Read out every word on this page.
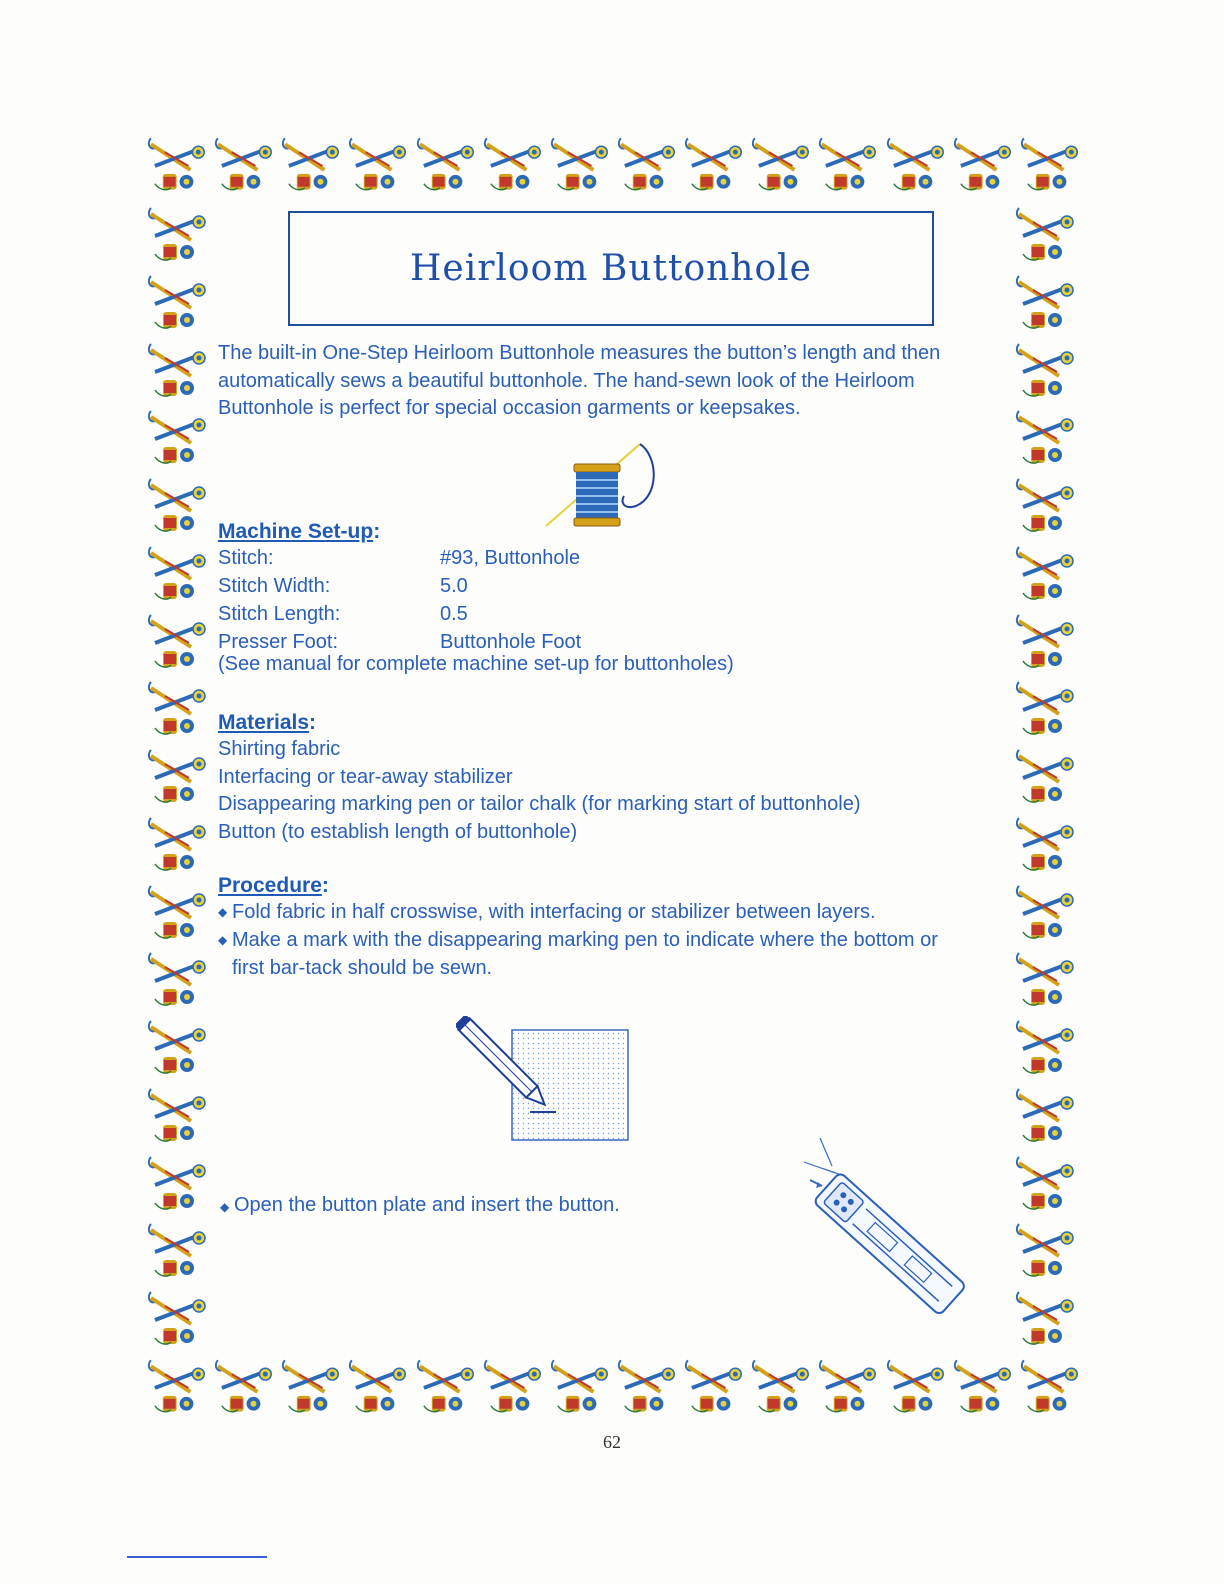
Heirloom Buttonhole
The built-in One-Step Heirloom Buttonhole measures the button’s length and then automatically sews a beautiful buttonhole. The hand-sewn look of the Heirloom Buttonhole is perfect for special occasion garments or keepsakes.
Machine Set-up:
Stitch:	#93, Buttonhole
Stitch Width:	5.0
Stitch Length:	0.5
Presser Foot:	Buttonhole Foot
(See manual for complete machine set-up for buttonholes)
Materials:
Shirting fabric
Interfacing or tear-away stabilizer
Disappearing marking pen or tailor chalk (for marking start of buttonhole)
Button (to establish length of buttonhole)
Procedure:
◆ Fold fabric in half crosswise, with interfacing or stabilizer between layers.
◆ Make a mark with the disappearing marking pen to indicate where the bottom or first bar-tack should be sewn.
◆ Open the button plate and insert the button.
62
